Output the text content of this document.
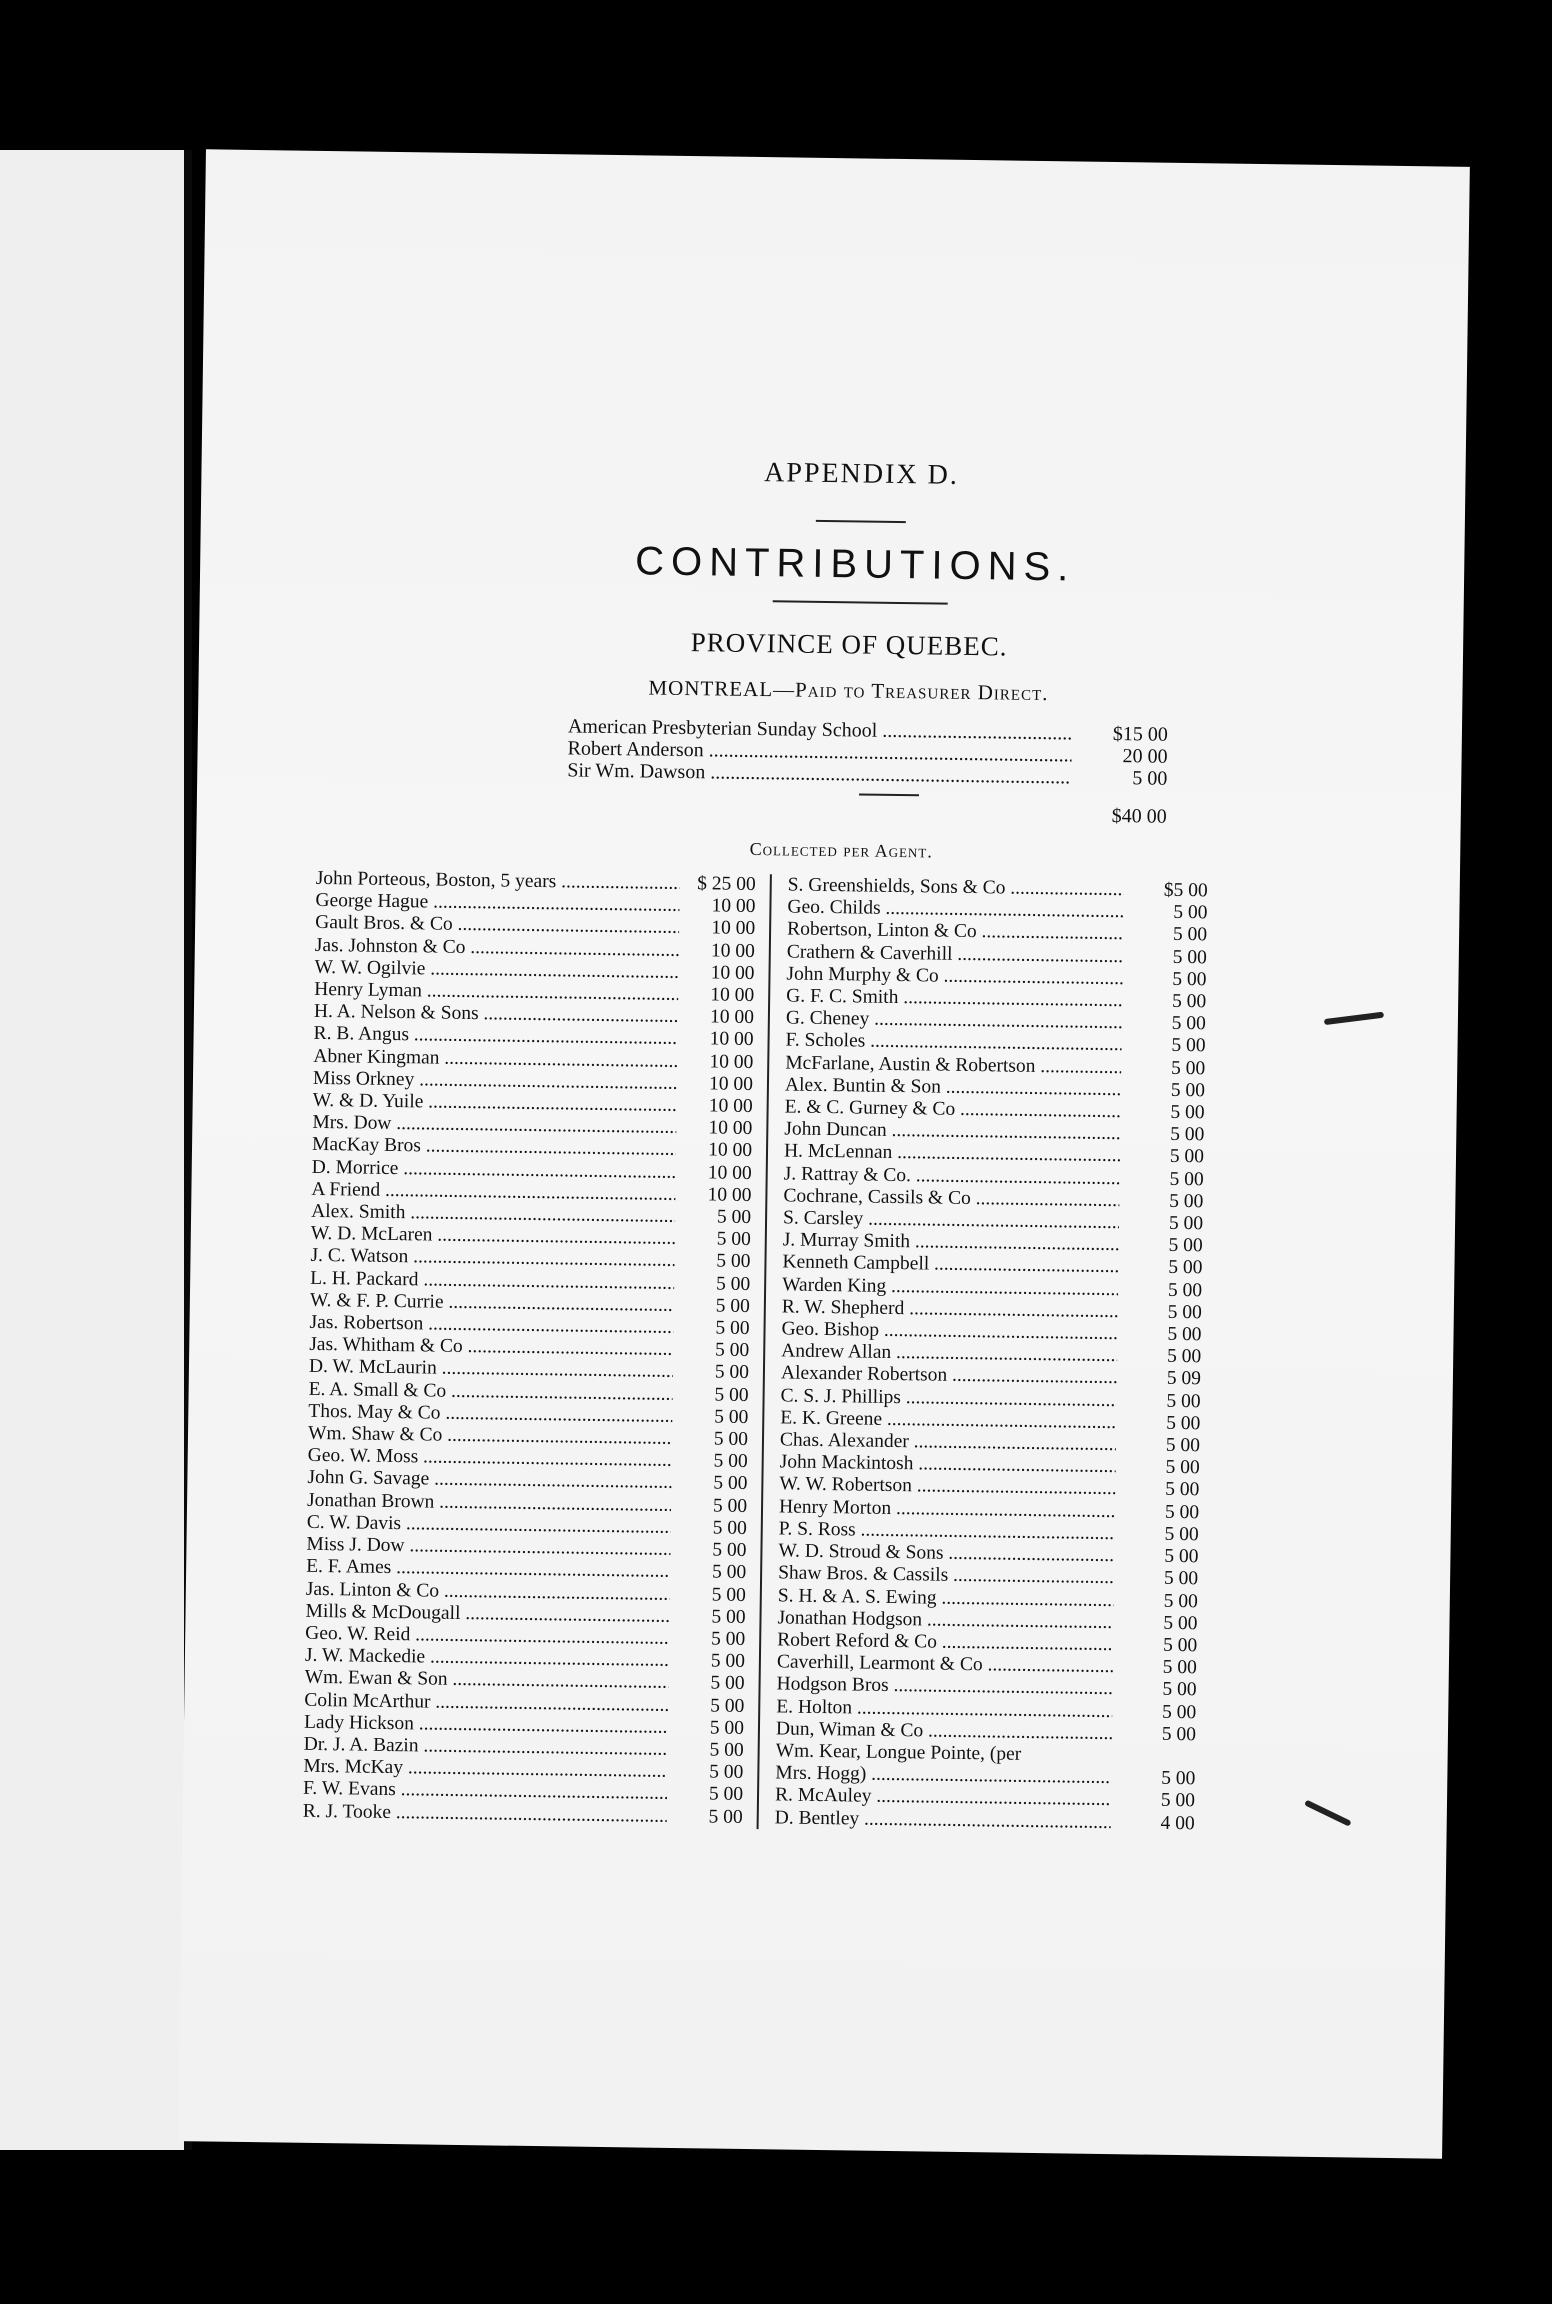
APPENDIX D.
CONTRIBUTIONS.
PROVINCE OF QUEBEC.
MONTREAL—Paid to Treasurer Direct.
American Presbyterian Sunday School .....	$15 00
Robert Anderson .....	20 00
Sir Wm. Dawson .....	5 00
$40 00
Collected per Agent.
John Porteous, Boston, 5 years .....	$ 25 00
George Hague .....	10 00
Gault Bros. & Co .....	10 00
Jas. Johnston & Co .....	10 00
W. W. Ogilvie .....	10 00
Henry Lyman .....	10 00
H. A. Nelson & Sons .....	10 00
R. B. Angus .....	10 00
Abner Kingman .....	10 00
Miss Orkney .....	10 00
W. & D. Yuile .....	10 00
Mrs. Dow .....	10 00
MacKay Bros .....	10 00
D. Morrice .....	10 00
A Friend .....	10 00
Alex. Smith .....	5 00
W. D. McLaren .....	5 00
J. C. Watson .....	5 00
L. H. Packard .....	5 00
W. & F. P. Currie .....	5 00
Jas. Robertson .....	5 00
Jas. Whitham & Co .....	5 00
D. W. McLaurin .....	5 00
E. A. Small & Co .....	5 00
Thos. May & Co .....	5 00
Wm. Shaw & Co .....	5 00
Geo. W. Moss .....	5 00
John G. Savage .....	5 00
Jonathan Brown .....	5 00
C. W. Davis .....	5 00
Miss J. Dow .....	5 00
E. F. Ames .....	5 00
Jas. Linton & Co .....	5 00
Mills & McDougall .....	5 00
Geo. W. Reid .....	5 00
J. W. Mackedie .....	5 00
Wm. Ewan & Son .....	5 00
Colin McArthur .....	5 00
Lady Hickson .....	5 00
Dr. J. A. Bazin .....	5 00
Mrs. McKay .....	5 00
F. W. Evans .....	5 00
R. J. Tooke .....	5 00
S. Greenshields, Sons & Co .....	$5 00
Geo. Childs .....	5 00
Robertson, Linton & Co .....	5 00
Crathern & Caverhill .....	5 00
John Murphy & Co .....	5 00
G. F. C. Smith .....	5 00
G. Cheney .....	5 00
F. Scholes .....	5 00
McFarlane, Austin & Robertson .....	5 00
Alex. Buntin & Son .....	5 00
E. & C. Gurney & Co .....	5 00
John Duncan .....	5 00
H. McLennan .....	5 00
J. Rattray & Co. .....	5 00
Cochrane, Cassils & Co .....	5 00
S. Carsley .....	5 00
J. Murray Smith .....	5 00
Kenneth Campbell .....	5 00
Warden King .....	5 00
R. W. Shepherd .....	5 00
Geo. Bishop .....	5 00
Andrew Allan .....	5 00
Alexander Robertson .....	5 09
C. S. J. Phillips .....	5 00
E. K. Greene .....	5 00
Chas. Alexander .....	5 00
John Mackintosh .....	5 00
W. W. Robertson .....	5 00
Henry Morton .....	5 00
P. S. Ross .....	5 00
W. D. Stroud & Sons .....	5 00
Shaw Bros. & Cassils .....	5 00
S. H. & A. S. Ewing .....	5 00
Jonathan Hodgson .....	5 00
Robert Reford & Co .....	5 00
Caverhill, Learmont & Co .....	5 00
Hodgson Bros .....	5 00
E. Holton .....	5 00
Dun, Wiman & Co .....	5 00
Wm. Kear, Longue Pointe, (per
Mrs. Hogg) .....	5 00
R. McAuley .....	5 00
D. Bentley .....	4 00
